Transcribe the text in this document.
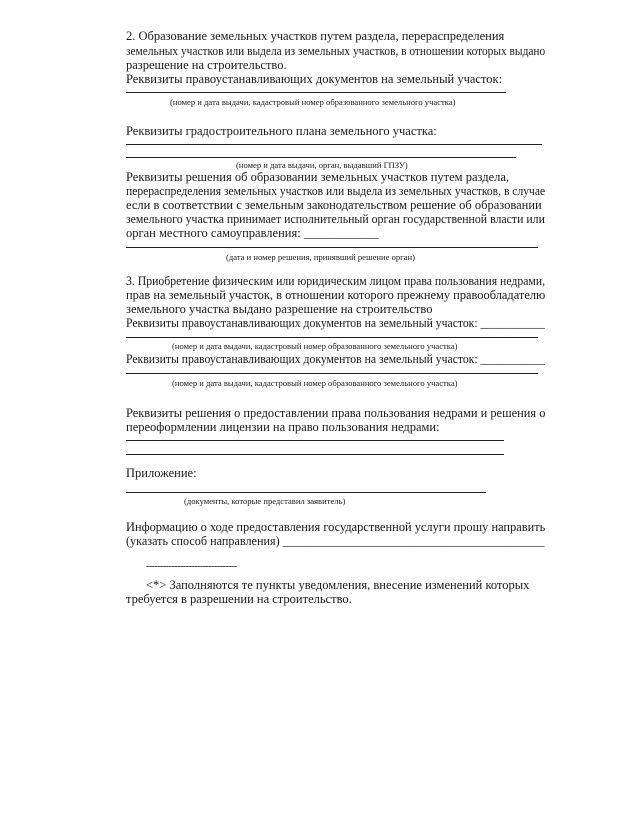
2. Образование земельных участков путем раздела, перераспределения
земельных участков или выдела из земельных участков, в отношении которых выдано
разрешение на строительство.
Реквизиты правоустанавливающих документов на земельный участок:
(номер и дата выдачи, кадастровый номер образованного земельного участка)
Реквизиты градостроительного плана земельного участка:
(номер и дата выдачи, орган, выдавший ГПЗУ)
Реквизиты решения об образовании земельных участков путем раздела,
перераспределения земельных участков или выдела из земельных участков, в случае
если в соответствии с земельным законодательством решение об образовании
земельного участка принимает исполнительный орган государственной власти или
орган местного самоуправления: ____________
(дата и номер решения, принявший решение орган)
3. Приобретение физическим или юридическим лицом права пользования недрами,
прав на земельный участок, в отношении которого прежнему правообладателю
земельного участка выдано разрешение на строительство
Реквизиты правоустанавливающих документов на земельный участок: ___________
(номер и дата выдачи, кадастровый номер образованного земельного участка)
Реквизиты правоустанавливающих документов на земельный участок: ___________
(номер и дата выдачи, кадастровый номер образованного земельного участка)
Реквизиты решения о предоставлении права пользования недрами и решения о
переоформлении лицензии на право пользования недрами:
Приложение:
(документы, которые представил заявитель)
Информацию о ходе предоставления государственной услуги прошу направить
(указать способ направления) ___________________________________________
--------------------------------
<*> Заполняются те пункты уведомления, внесение изменений которых
требуется в разрешении на строительство.
